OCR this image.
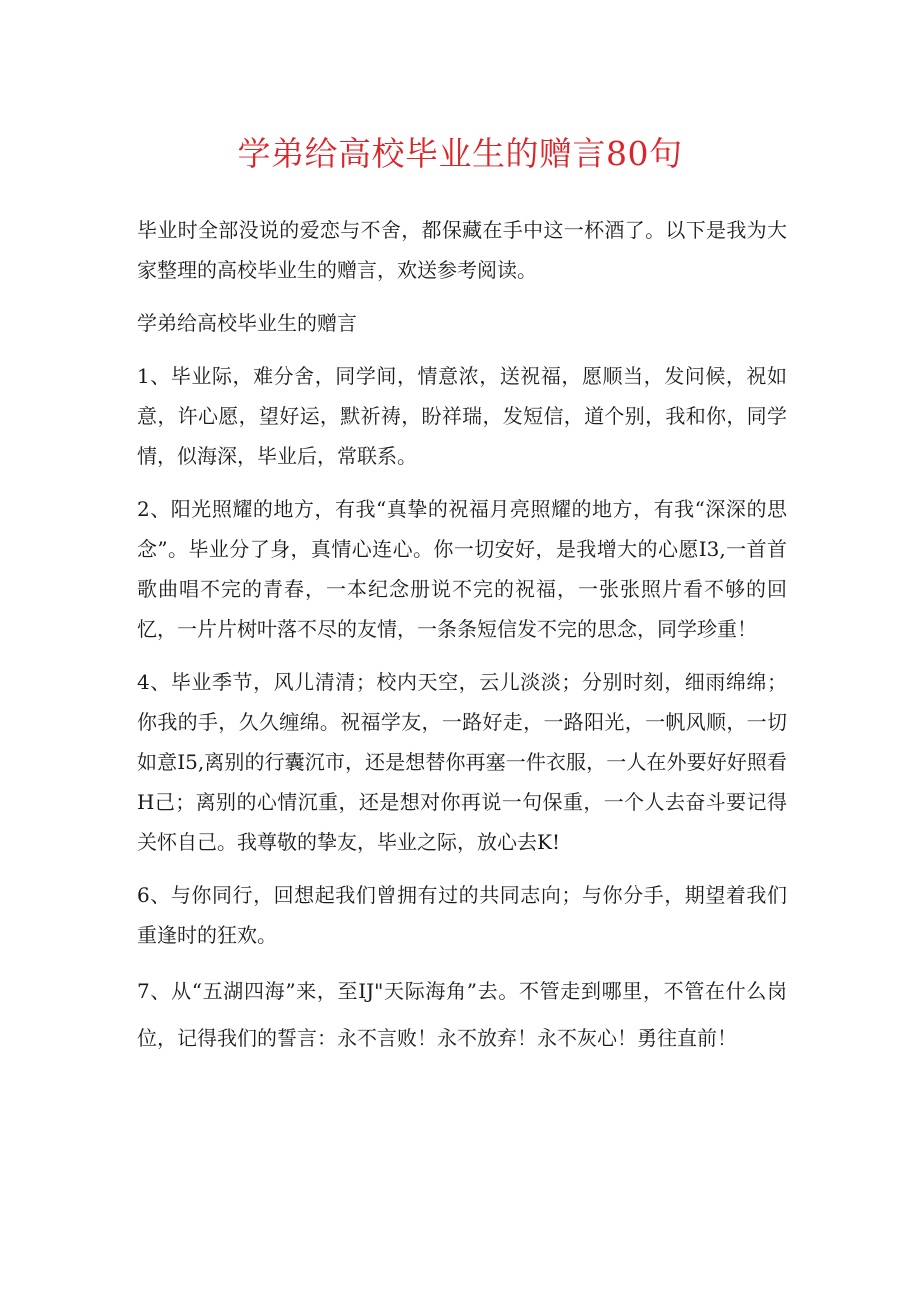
学弟给高校毕业生的赠言80句

毕业时全部没说的爱恋与不舍，都保藏在手中这一杯酒了。以下是我为大家整理的高校毕业生的赠言，欢送参考阅读。

学弟给高校毕业生的赠言

1、毕业际，难分舍，同学间，情意浓，送祝福，愿顺当，发问候，祝如意，许心愿，望好运，默祈祷，盼祥瑞，发短信，道个别，我和你，同学情，似海深，毕业后，常联系。

2、阳光照耀的地方，有我“真挚的祝福月亮照耀的地方，有我“深深的思念”。毕业分了身，真情心连心。你一切安好，是我增大的心愿I3,一首首歌曲唱不完的青春，一本纪念册说不完的祝福，一张张照片看不够的回忆，一片片树叶落不尽的友情，一条条短信发不完的思念，同学珍重！

4、毕业季节，风儿清清；校内天空，云儿淡淡；分别时刻，细雨绵绵；你我的手，久久缠绵。祝福学友，一路好走，一路阳光，一帆风顺，一切如意I5,离别的行囊沉市，还是想替你再塞一件衣服，一人在外要好好照看H己；离别的心情沉重，还是想对你再说一句保重，一个人去奋斗要记得关怀自己。我尊敬的挚友，毕业之际，放心去K!

6、与你同行，回想起我们曾拥有过的共同志向；与你分手，期望着我们重逢时的狂欢。

7、从“五湖四海”来，至IJ"天际海角”去。不管走到哪里，不管在什么岗位，记得我们的誓言：永不言败！永不放弃！永不灰心！勇往直前！
